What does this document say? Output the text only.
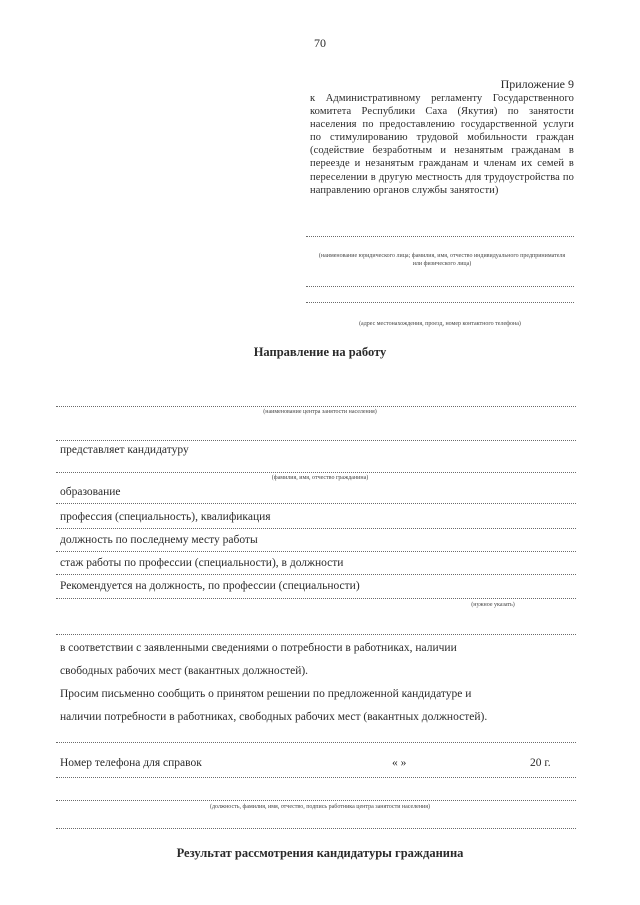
70
Приложение 9
к Административному регламенту Государственного комитета Республики Саха (Якутия) по занятости населения по предоставлению государственной услуги по стимулированию трудовой мобильности граждан (содействие безработным и незанятым гражданам в переезде и незанятым гражданам и членам их семей в переселении в другую местность для трудоустройства по направлению органов службы занятости)
(наименование юридического лица; фамилия, имя, отчество индивидуального предпринимателя или физического лица)
(адрес местонахождения, проезд, номер контактного телефона)
Направление на работу
(наименование центра занятости населения)
представляет кандидатуру
(фамилия, имя, отчество гражданина)
образование
профессия (специальность), квалификация
должность по последнему месту работы
стаж работы по профессии (специальности), в должности
Рекомендуется на должность, по профессии (специальности)
(нужное указать)
в соответствии с заявленными сведениями о потребности в работниках, наличии
свободных рабочих мест (вакантных должностей).
Просим письменно сообщить о принятом решении по предложенной кандидатуре и
наличии потребности в работниках, свободных рабочих мест (вакантных должностей).
Номер телефона для справок	« »	20 г.
(должность, фамилия, имя, отчество, подпись работника центра занятости населения)
Результат рассмотрения кандидатуры гражданина
